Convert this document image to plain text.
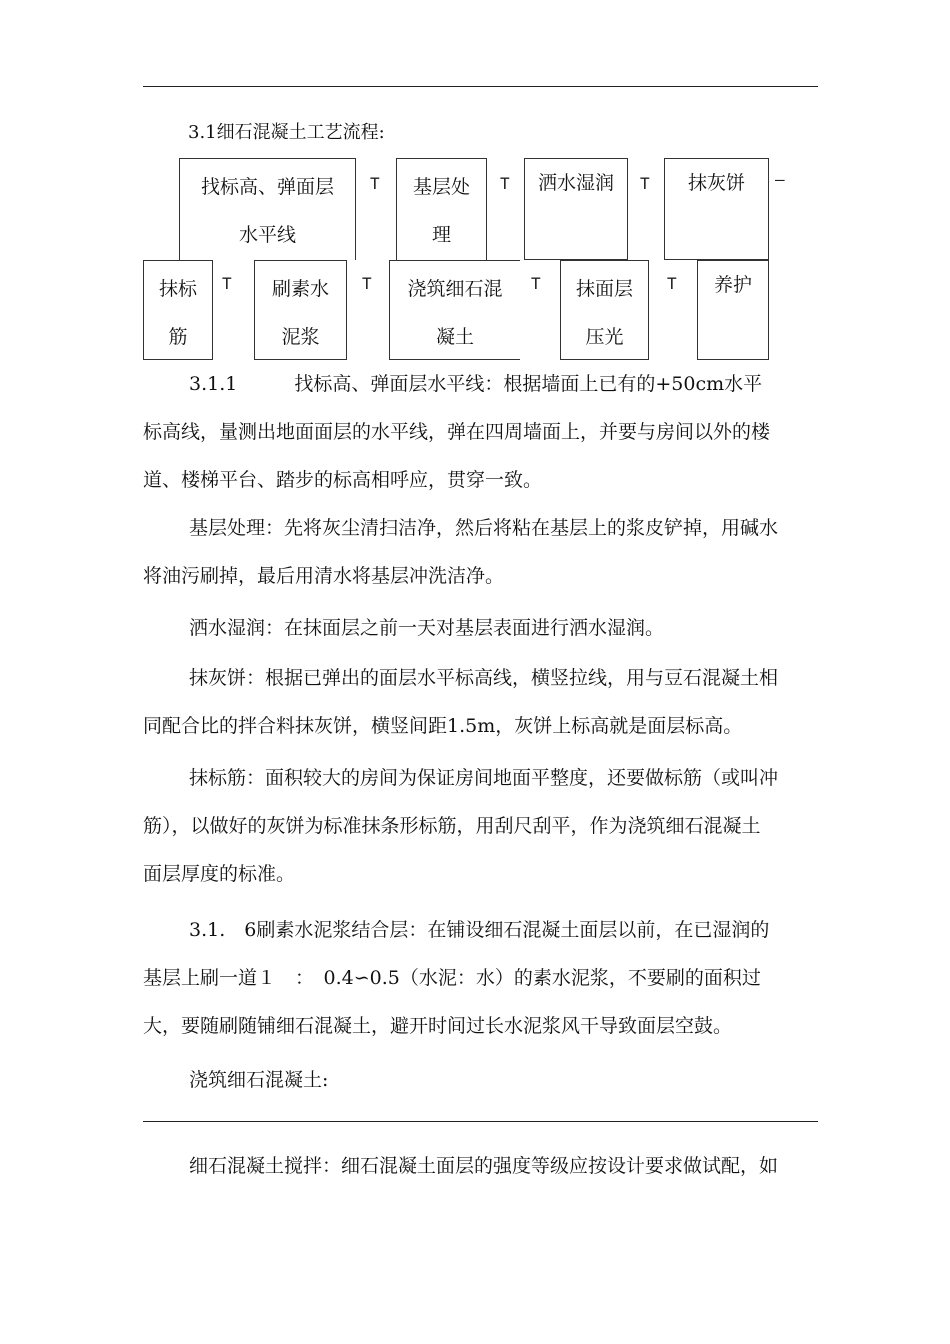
3.1细石混凝土工艺流程:
找标高、弹面层
水平线
T	基层处
理
T	洒水湿润	T	抹灰饼	—
抹标
筋
T	刷素水
泥浆
T	浇筑细石混
凝土
T	抹面层
压光
T	养护
3.1.1　　　找标高、弹面层水平线：根据墙面上已有的+50cm水平
标高线，量测出地面面层的水平线，弹在四周墙面上，并要与房间以外的楼
道、楼梯平台、踏步的标高相呼应，贯穿一致。
基层处理：先将灰尘清扫洁净，然后将粘在基层上的浆皮铲掉，用碱水
将油污刷掉，最后用清水将基层冲洗洁净。
洒水湿润：在抹面层之前一天对基层表面进行洒水湿润。
抹灰饼：根据已弹出的面层水平标高线，横竖拉线，用与豆石混凝土相
同配合比的拌合料抹灰饼，横竖间距1.5m，灰饼上标高就是面层标高。
抹标筋：面积较大的房间为保证房间地面平整度，还要做标筋（或叫冲
筋），以做好的灰饼为标准抹条形标筋，用刮尺刮平，作为浇筑细石混凝土
面层厚度的标准。
3.1.　6刷素水泥浆结合层：在铺设细石混凝土面层以前，在已湿润的
基层上刷一道１　：　0.4∽0.5（水泥：水）的素水泥浆，不要刷的面积过
大，要随刷随铺细石混凝土，避开时间过长水泥浆风干导致面层空鼓。
浇筑细石混凝土:
细石混凝土搅拌：细石混凝土面层的强度等级应按设计要求做试配，如
